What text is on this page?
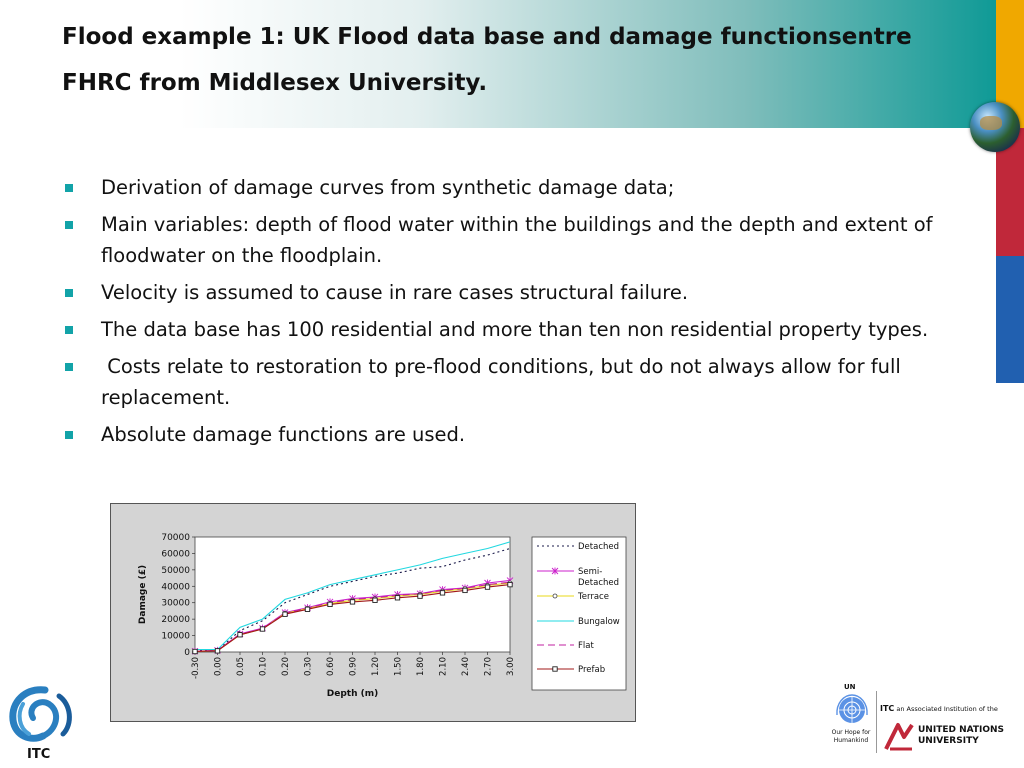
Flood example 1: UK Flood data base and damage functionsentre FHRC from Middlesex University.
Derivation of damage curves from synthetic damage data;
Main variables: depth of flood water within the buildings and the depth and extent of floodwater on the floodplain.
Velocity is assumed to cause in rare cases structural failure.
The data base has 100 residential and more than ten non residential property types.
Costs relate to restoration to pre-flood conditions, but do not always allow for full replacement.
Absolute damage functions are used.
0
10000
20000
30000
40000
50000
60000
70000
-0.30 0.00 0.05 0.10 0.20 0.30 0.60 0.90 1.20 1.50 1.80 2.10 2.40 2.70 3.00
Depth (m)
Damage (£)
Detached
Semi-Detached
Terrace
Bungalow
Flat
Prefab
ITC
UN
Our Hope for Humankind
ITC an Associated Institution of the
UNITED NATIONS
UNIVERSITY
